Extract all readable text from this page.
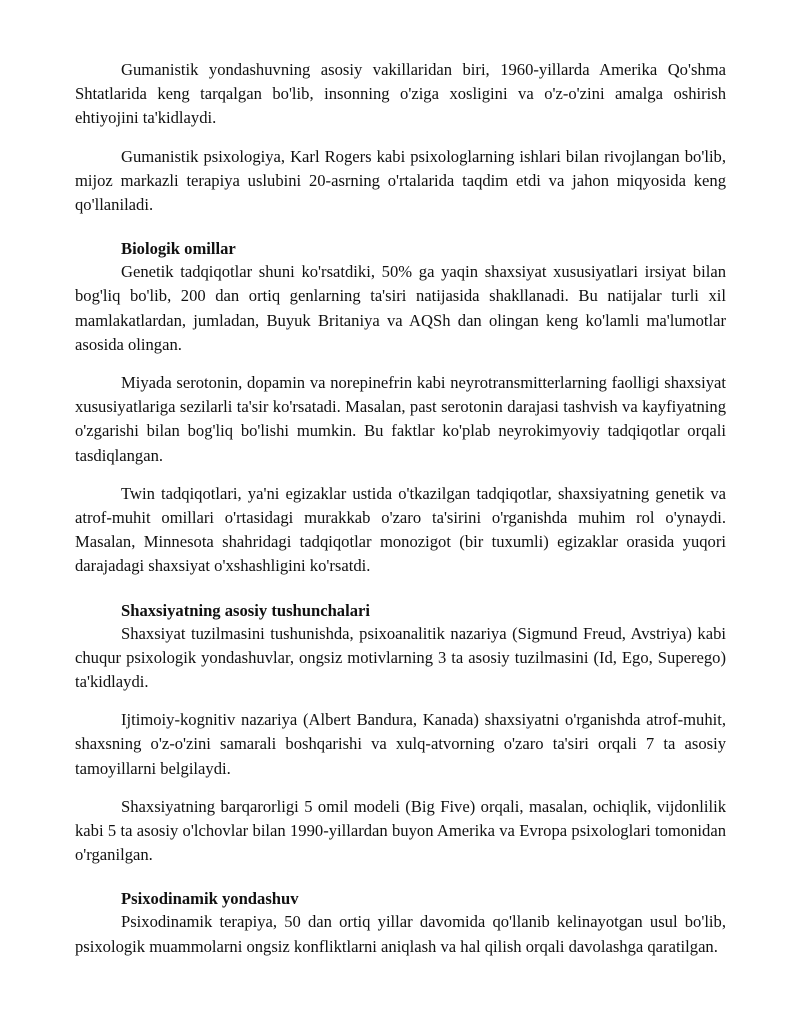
Gumanistik yondashuvning asosiy vakillaridan biri, 1960-yillarda Amerika Qo'shma Shtatlarida keng tarqalgan bo'lib, insonning o'ziga xosligini va o'z-o'zini amalga oshirish ehtiyojini ta'kidlaydi.

Gumanistik psixologiya, Karl Rogers kabi psixologlarning ishlari bilan rivojlangan bo'lib, mijoz markazli terapiya uslubini 20-asrning o'rtalarida taqdim etdi va jahon miqyosida keng qo'llaniladi.

Biologik omillar

Genetik tadqiqotlar shuni ko'rsatdiki, 50% ga yaqin shaxsiyat xususiyatlari irsiyat bilan bog'liq bo'lib, 200 dan ortiq genlarning ta'siri natijasida shakllanadi. Bu natijalar turli xil mamlakatlardan, jumladan, Buyuk Britaniya va AQSh dan olingan keng ko'lamli ma'lumotlar asosida olingan.

Miyada serotonin, dopamin va norepinefrin kabi neyrotransmitterlarning faolligi shaxsiyat xususiyatlariga sezilarli ta'sir ko'rsatadi. Masalan, past serotonin darajasi tashvish va kayfiyatning o'zgarishi bilan bog'liq bo'lishi mumkin. Bu faktlar ko'plab neyrokimyoviy tadqiqotlar orqali tasdiqlangan.

Twin tadqiqotlari, ya'ni egizaklar ustida o'tkazilgan tadqiqotlar, shaxsiyatning genetik va atrof-muhit omillari o'rtasidagi murakkab o'zaro ta'sirini o'rganishda muhim rol o'ynaydi. Masalan, Minnesota shahridagi tadqiqotlar monozigot (bir tuxumli) egizaklar orasida yuqori darajadagi shaxsiyat o'xshashligini ko'rsatdi.

Shaxsiyatning asosiy tushunchalari

Shaxsiyat tuzilmasini tushunishda, psixoanalitik nazariya (Sigmund Freud, Avstriya) kabi chuqur psixologik yondashuvlar, ongsiz motivlarning 3 ta asosiy tuzilmasini (Id, Ego, Superego) ta'kidlaydi.

Ijtimoiy-kognitiv nazariya (Albert Bandura, Kanada) shaxsiyatni o'rganishda atrof-muhit, shaxsning o'z-o'zini samarali boshqarishi va xulq-atvorning o'zaro ta'siri orqali 7 ta asosiy tamoyillarni belgilaydi.

Shaxsiyatning barqarorligi 5 omil modeli (Big Five) orqali, masalan, ochiqlik, vijdonlilik kabi 5 ta asosiy o'lchovlar bilan 1990-yillardan buyon Amerika va Evropa psixologlari tomonidan o'rganilgan.

Psixodinamik yondashuv

Psixodinamik terapiya, 50 dan ortiq yillar davomida qo'llanib kelinayotgan usul bo'lib, psixologik muammolarni ongsiz konfliktlarni aniqlash va hal qilish orqali davolashga qaratilgan.
